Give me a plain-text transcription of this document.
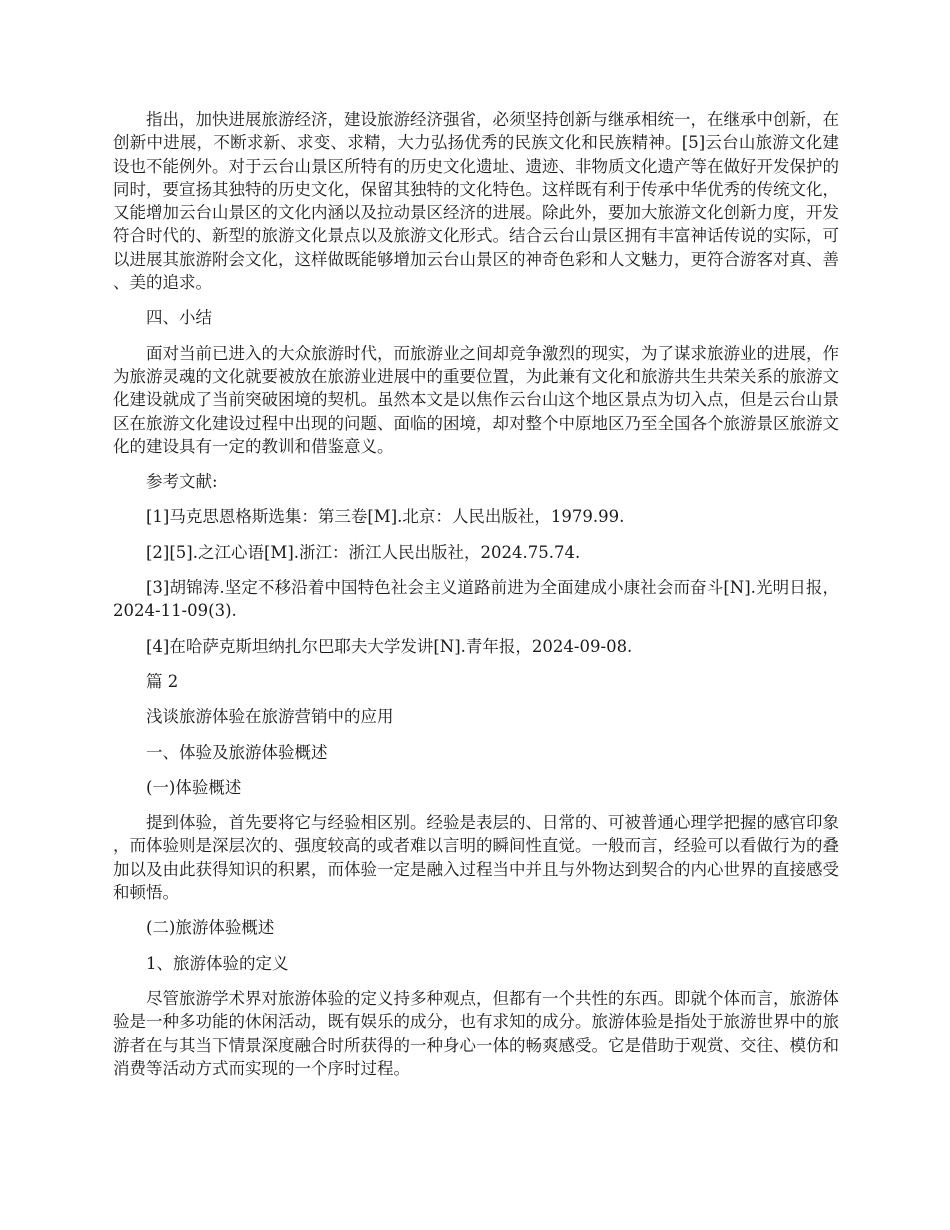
指出，加快进展旅游经济，建设旅游经济强省，必须坚持创新与继承相统一，在继承中创新，在创新中进展，不断求新、求变、求精，大力弘扬优秀的民族文化和民族精神。[5]云台山旅游文化建设也不能例外。对于云台山景区所特有的历史文化遗址、遗迹、非物质文化遗产等在做好开发保护的同时，要宣扬其独特的历史文化，保留其独特的文化特色。这样既有利于传承中华优秀的传统文化，又能增加云台山景区的文化内涵以及拉动景区经济的进展。除此外，要加大旅游文化创新力度，开发符合时代的、新型的旅游文化景点以及旅游文化形式。结合云台山景区拥有丰富神话传说的实际，可以进展其旅游附会文化，这样做既能够增加云台山景区的神奇色彩和人文魅力，更符合游客对真、善、美的追求。

四、小结

面对当前已进入的大众旅游时代，而旅游业之间却竞争激烈的现实，为了谋求旅游业的进展，作为旅游灵魂的文化就要被放在旅游业进展中的重要位置，为此兼有文化和旅游共生共荣关系的旅游文化建设就成了当前突破困境的契机。虽然本文是以焦作云台山这个地区景点为切入点，但是云台山景区在旅游文化建设过程中出现的问题、面临的困境，却对整个中原地区乃至全国各个旅游景区旅游文化的建设具有一定的教训和借鉴意义。

参考文献:

[1]马克思恩格斯选集：第三卷[M].北京：人民出版社，1979.99.

[2][5].之江心语[M].浙江：浙江人民出版社，2024.75.74.

[3]胡锦涛.坚定不移沿着中国特色社会主义道路前进为全面建成小康社会而奋斗[N].光明日报，2024-11-09(3).

[4]在哈萨克斯坦纳扎尔巴耶夫大学发讲[N].青年报，2024-09-08.

篇 2

浅谈旅游体验在旅游营销中的应用

一、体验及旅游体验概述

(一)体验概述

提到体验，首先要将它与经验相区别。经验是表层的、日常的、可被普通心理学把握的感官印象，而体验则是深层次的、强度较高的或者难以言明的瞬间性直觉。一般而言，经验可以看做行为的叠加以及由此获得知识的积累，而体验一定是融入过程当中并且与外物达到契合的内心世界的直接感受和顿悟。

(二)旅游体验概述

1、旅游体验的定义

尽管旅游学术界对旅游体验的定义持多种观点，但都有一个共性的东西。即就个体而言，旅游体验是一种多功能的休闲活动，既有娱乐的成分，也有求知的成分。旅游体验是指处于旅游世界中的旅游者在与其当下情景深度融合时所获得的一种身心一体的畅爽感受。它是借助于观赏、交往、模仿和消费等活动方式而实现的一个序时过程。
